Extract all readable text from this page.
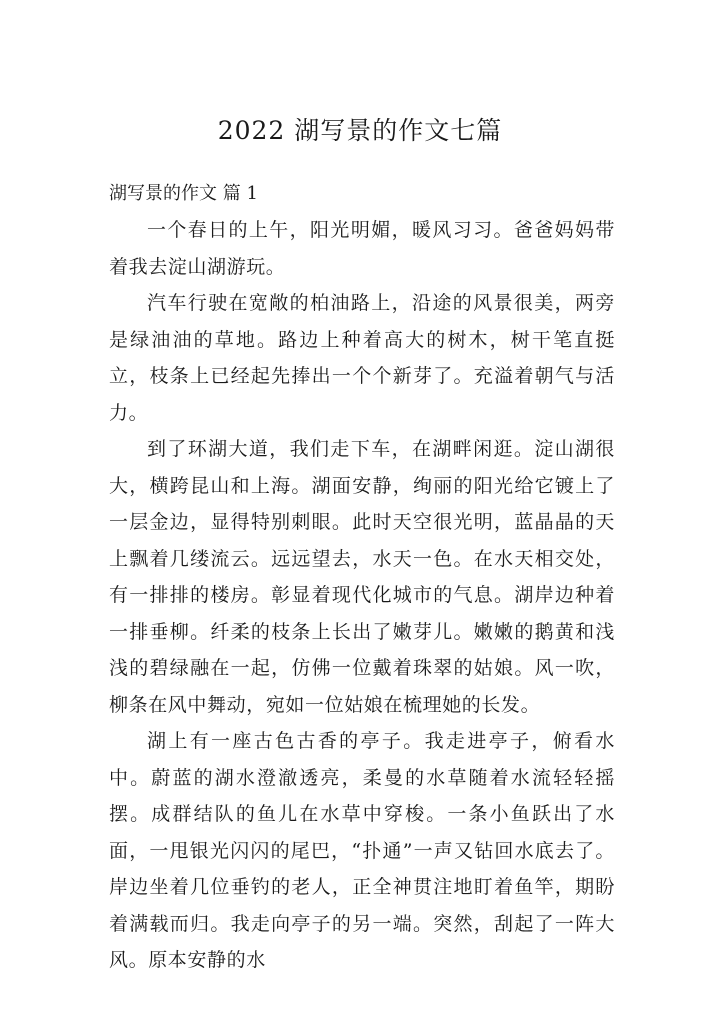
2022 湖写景的作文七篇

湖写景的作文 篇 1

一个春日的上午，阳光明媚，暖风习习。爸爸妈妈带着我去淀山湖游玩。

汽车行驶在宽敞的柏油路上，沿途的风景很美，两旁是绿油油的草地。路边上种着高大的树木，树干笔直挺立，枝条上已经起先捧出一个个新芽了。充溢着朝气与活力。

到了环湖大道，我们走下车，在湖畔闲逛。淀山湖很大，横跨昆山和上海。湖面安静，绚丽的阳光给它镀上了一层金边，显得特别刺眼。此时天空很光明，蓝晶晶的天上飘着几缕流云。远远望去，水天一色。在水天相交处，有一排排的楼房。彰显着现代化城市的气息。湖岸边种着一排垂柳。纤柔的枝条上长出了嫩芽儿。嫩嫩的鹅黄和浅浅的碧绿融在一起，仿佛一位戴着珠翠的姑娘。风一吹，柳条在风中舞动，宛如一位姑娘在梳理她的长发。

湖上有一座古色古香的亭子。我走进亭子，俯看水中。蔚蓝的湖水澄澈透亮，柔曼的水草随着水流轻轻摇摆。成群结队的鱼儿在水草中穿梭。一条小鱼跃出了水面，一甩银光闪闪的尾巴，“扑通”一声又钻回水底去了。岸边坐着几位垂钓的老人，正全神贯注地盯着鱼竿，期盼着满载而归。我走向亭子的另一端。突然，刮起了一阵大风。原本安静的水
